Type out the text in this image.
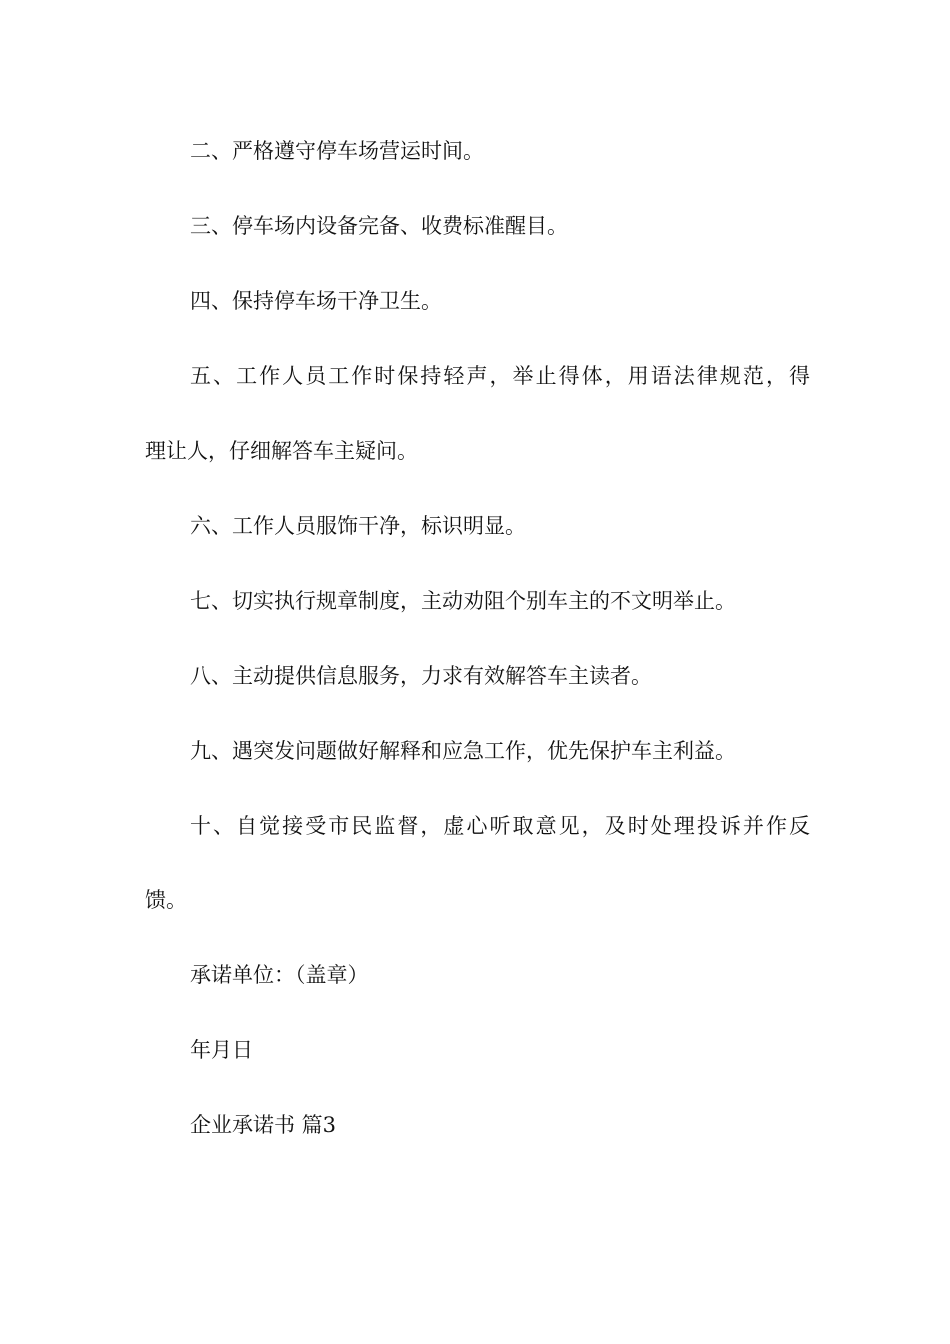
二、严格遵守停车场营运时间。
三、停车场内设备完备、收费标准醒目。
四、保持停车场干净卫生。
五、工作人员工作时保持轻声，举止得体，用语法律规范，得
理让人，仔细解答车主疑问。
六、工作人员服饰干净，标识明显。
七、切实执行规章制度，主动劝阻个别车主的不文明举止。
八、主动提供信息服务，力求有效解答车主读者。
九、遇突发问题做好解释和应急工作，优先保护车主利益。
十、自觉接受市民监督，虚心听取意见，及时处理投诉并作反
馈。
承诺单位：（盖章）
年月日
企业承诺书 篇3
